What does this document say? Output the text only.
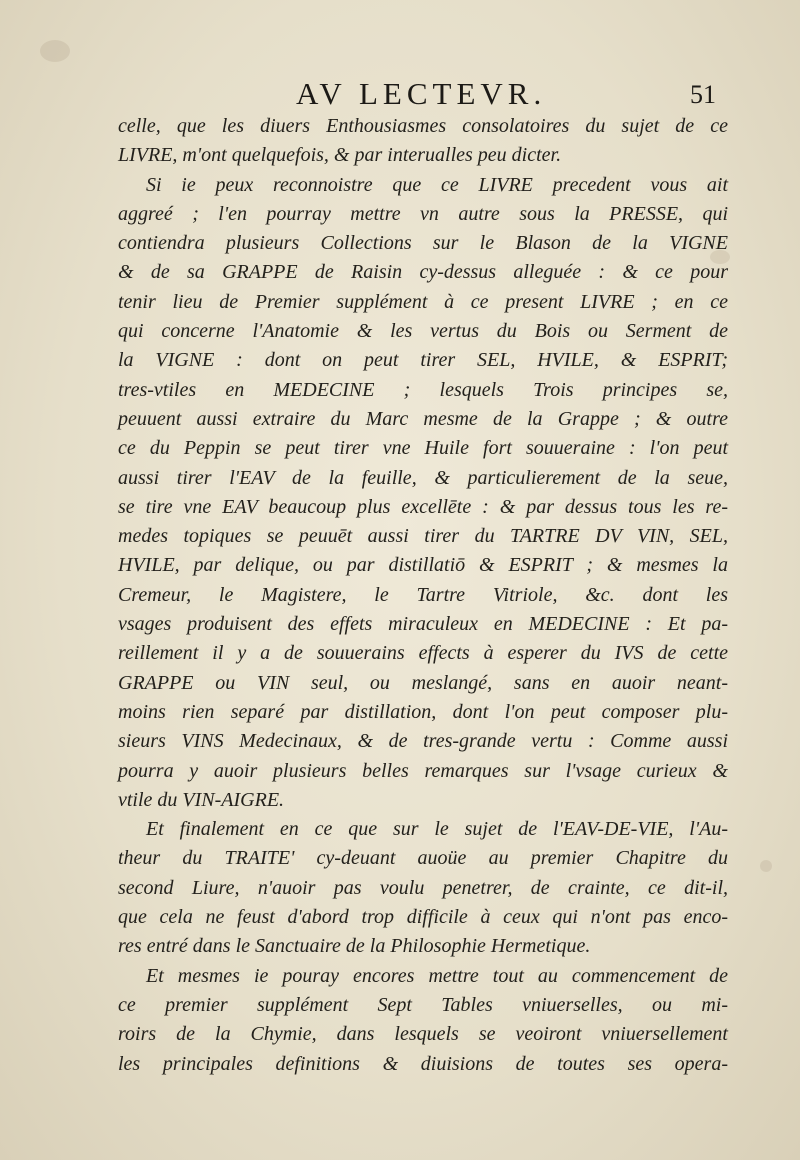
AV LECTEVR.	51
celle, que les diuers Enthousiasmes consolatoires du sujet de ce
LIVRE, m'ont quelquefois, & par interualles peu dicter.
Si ie peux reconnoistre que ce LIVRE precedent vous ait
aggreé ; l'en pourray mettre vn autre sous la PRESSE, qui
contiendra plusieurs Collections sur le Blason de la VIGNE
& de sa GRAPPE de Raisin cy-dessus alleguée : & ce pour
tenir lieu de Premier supplément à ce present LIVRE ; en ce
qui concerne l'Anatomie & les vertus du Bois ou Serment de
la VIGNE : dont on peut tirer SEL, HVILE, & ESPRIT;
tres-vtiles en MEDECINE ; lesquels Trois principes se,
peuuent aussi extraire du Marc mesme de la Grappe ; & outre
ce du Peppin se peut tirer vne Huile fort souueraine : l'on peut
aussi tirer l'EAV de la feuille, & particulierement de la seue,
se tire vne EAV beaucoup plus excellēte : & par dessus tous les re-
medes topiques se peuuēt aussi tirer du TARTRE DV VIN, SEL,
HVILE, par delique, ou par distillatiō & ESPRIT ; & mesmes la
Cremeur, le Magistere, le Tartre Vitriole, &c. dont les
vsages produisent des effets miraculeux en MEDECINE : Et pa-
reillement il y a de souuerains effects à esperer du IVS de cette
GRAPPE ou VIN seul, ou meslangé, sans en auoir neant-
moins rien separé par distillation, dont l'on peut composer plu-
sieurs VINS Medecinaux, & de tres-grande vertu : Comme aussi
pourra y auoir plusieurs belles remarques sur l'vsage curieux &
vtile du VIN-AIGRE.
Et finalement en ce que sur le sujet de l'EAV-DE-VIE, l'Au-
theur du TRAITE' cy-deuant auoüe au premier Chapitre du
second Liure, n'auoir pas voulu penetrer, de crainte, ce dit-il,
que cela ne feust d'abord trop difficile à ceux qui n'ont pas enco-
res entré dans le Sanctuaire de la Philosophie Hermetique.
Et mesmes ie pouray encores mettre tout au commencement de
ce premier supplément Sept Tables vniuerselles, ou mi-
roirs de la Chymie, dans lesquels se veoiront vniuersellement
les principales definitions & diuisions de toutes ses opera-
